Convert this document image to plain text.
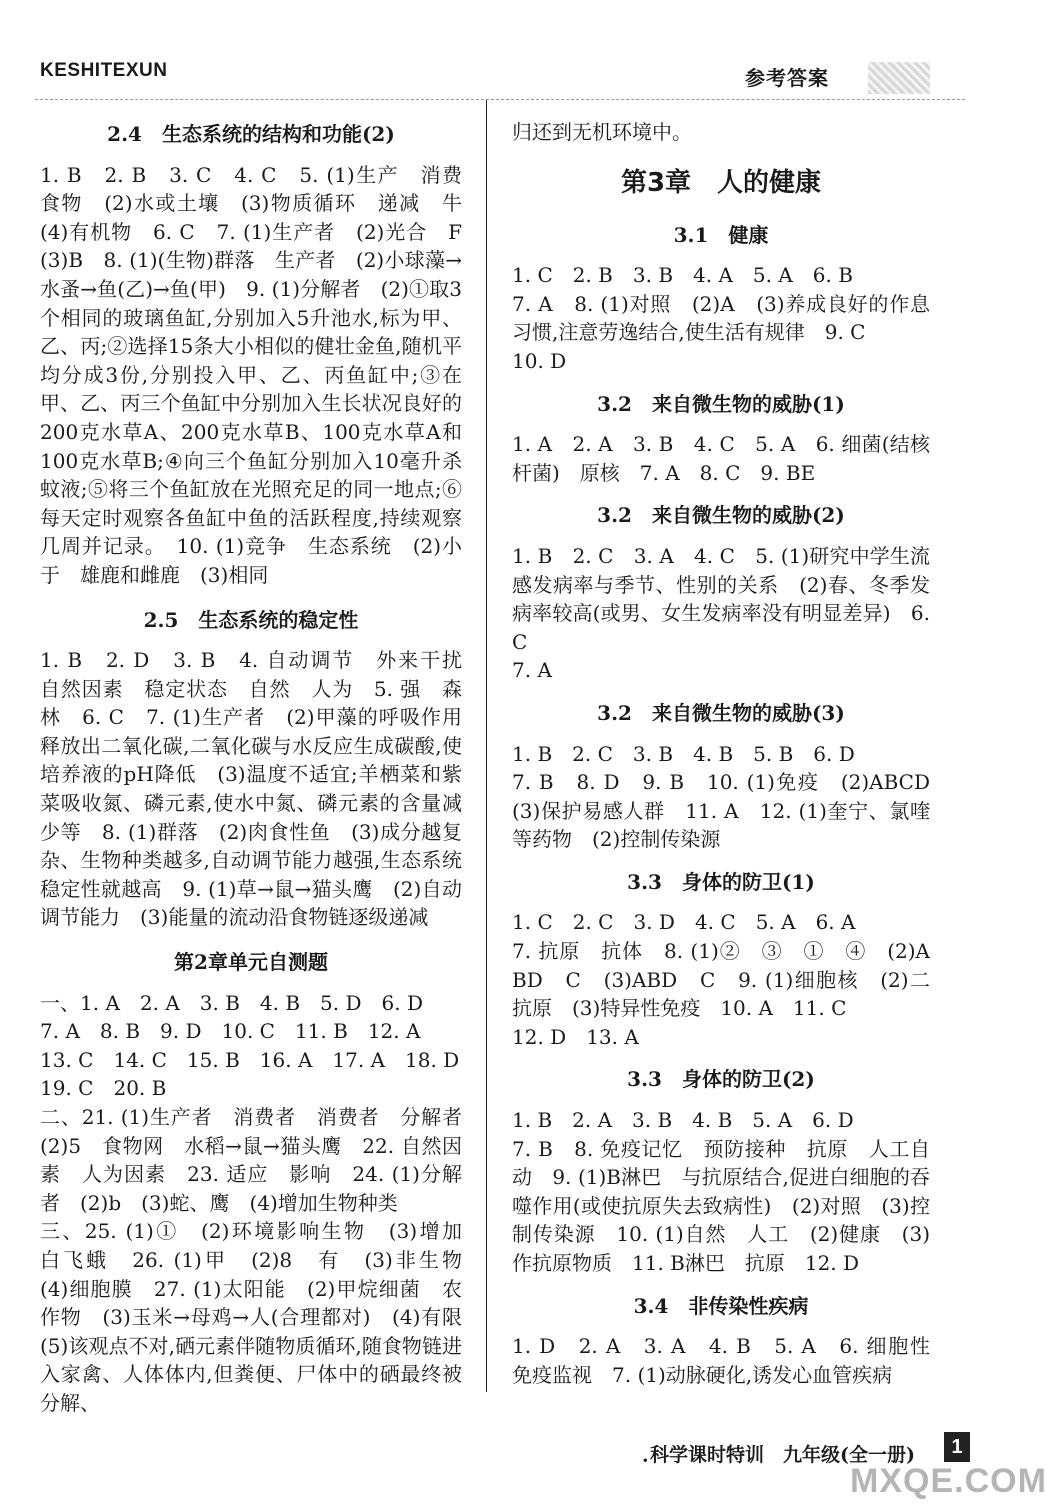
KESHITEXUN	参考答案
2.4　生态系统的结构和功能(2)

1. B　2. B　3. C　4. C　5. (1)生产　消费　食物　(2)水或土壤　(3)物质循环　递减　牛　(4)有机物　6. C　7. (1)生产者　(2)光合　F　(3)B　8. (1)(生物)群落　生产者　(2)小球藻→水蚤→鱼(乙)→鱼(甲)　9. (1)分解者　(2)①取3个相同的玻璃鱼缸,分别加入5升池水,标为甲、乙、丙;②选择15条大小相似的健壮金鱼,随机平均分成3份,分别投入甲、乙、丙鱼缸中;③在甲、乙、丙三个鱼缸中分别加入生长状况良好的200克水草A、200克水草B、100克水草A和100克水草B;④向三个鱼缸分别加入10毫升杀蚊液;⑤将三个鱼缸放在光照充足的同一地点;⑥每天定时观察各鱼缸中鱼的活跃程度,持续观察几周并记录。　10. (1)竞争　生态系统　(2)小于　雄鹿和雌鹿　(3)相同

2.5　生态系统的稳定性

1. B　2. D　3. B　4. 自动调节　外来干扰　自然因素　稳定状态　自然　人为　5. 强　森林　6. C　7. (1)生产者　(2)甲藻的呼吸作用释放出二氧化碳,二氧化碳与水反应生成碳酸,使培养液的pH降低　(3)温度不适宜;羊栖菜和紫菜吸收氮、磷元素,使水中氮、磷元素的含量减少等　8. (1)群落　(2)肉食性鱼　(3)成分越复杂、生物种类越多,自动调节能力越强,生态系统稳定性就越高　9. (1)草→鼠→猫头鹰　(2)自动调节能力　(3)能量的流动沿食物链逐级递减

第2章单元自测题

一、1. A　2. A　3. B　4. B　5. D　6. D

7. A　8. B　9. D　10. C　11. B　12. A

13. C　14. C　15. B　16. A　17. A　18. D

19. C　20. B

二、21. (1)生产者　消费者　消费者　分解者　(2)5　食物网　水稻→鼠→猫头鹰　22. 自然因素　人为因素　23. 适应　影响　24. (1)分解者　(2)b　(3)蛇、鹰　(4)增加生物种类

三、25. (1)①　(2)环境影响生物　(3)增加　白飞蛾　26. (1)甲　(2)8　有　(3)非生物　(4)细胞膜　27. (1)太阳能　(2)甲烷细菌　农作物　(3)玉米→母鸡→人(合理都对)　(4)有限　(5)该观点不对,硒元素伴随物质循环,随食物链进入家禽、人体体内,但粪便、尸体中的硒最终被分解、

归还到无机环境中。

第3章　人的健康
3.1　健康

1. C　2. B　3. B　4. A　5. A　6. B

7. A　8. (1)对照　(2)A　(3)养成良好的作息习惯,注意劳逸结合,使生活有规律　9. C

10. D

3.2　来自微生物的威胁(1)

1. A　2. A　3. B　4. C　5. A　6. 细菌(结核杆菌)　原核　7. A　8. C　9. BE

3.2　来自微生物的威胁(2)

1. B　2. C　3. A　4. C　5. (1)研究中学生流感发病率与季节、性别的关系　(2)春、冬季发病率较高(或男、女生发病率没有明显差异)　6. C

7. A

3.2　来自微生物的威胁(3)

1. B　2. C　3. B　4. B　5. B　6. D

7. B　8. D　9. B　10. (1)免疫　(2)ABCD　(3)保护易感人群　11. A　12. (1)奎宁、氯喹等药物　(2)控制传染源

3.3　身体的防卫(1)

1. C　2. C　3. D　4. C　5. A　6. A

7. 抗原　抗体　8. (1)②　③　①　④　(2)A　BD　C　(3)ABD　C　9. (1)细胞核　(2)二　抗原　(3)特异性免疫　10. A　11. C

12. D　13. A

3.3　身体的防卫(2)

1. B　2. A　3. B　4. B　5. A　6. D

7. B　8. 免疫记忆　预防接种　抗原　人工自动　9. (1)B淋巴　与抗原结合,促进白细胞的吞噬作用(或使抗原失去致病性)　(2)对照　(3)控制传染源　10. (1)自然　人工　(2)健康　(3)作抗原物质　11. B淋巴　抗原　12. D

3.4　非传染性疾病

1. D　2. A　3. A　4. B　5. A　6. 细胞性　免疫监视　7. (1)动脉硬化,诱发心血管疾病

· 科学课时特训　九年级(全一册)	1
MXQE.COM
